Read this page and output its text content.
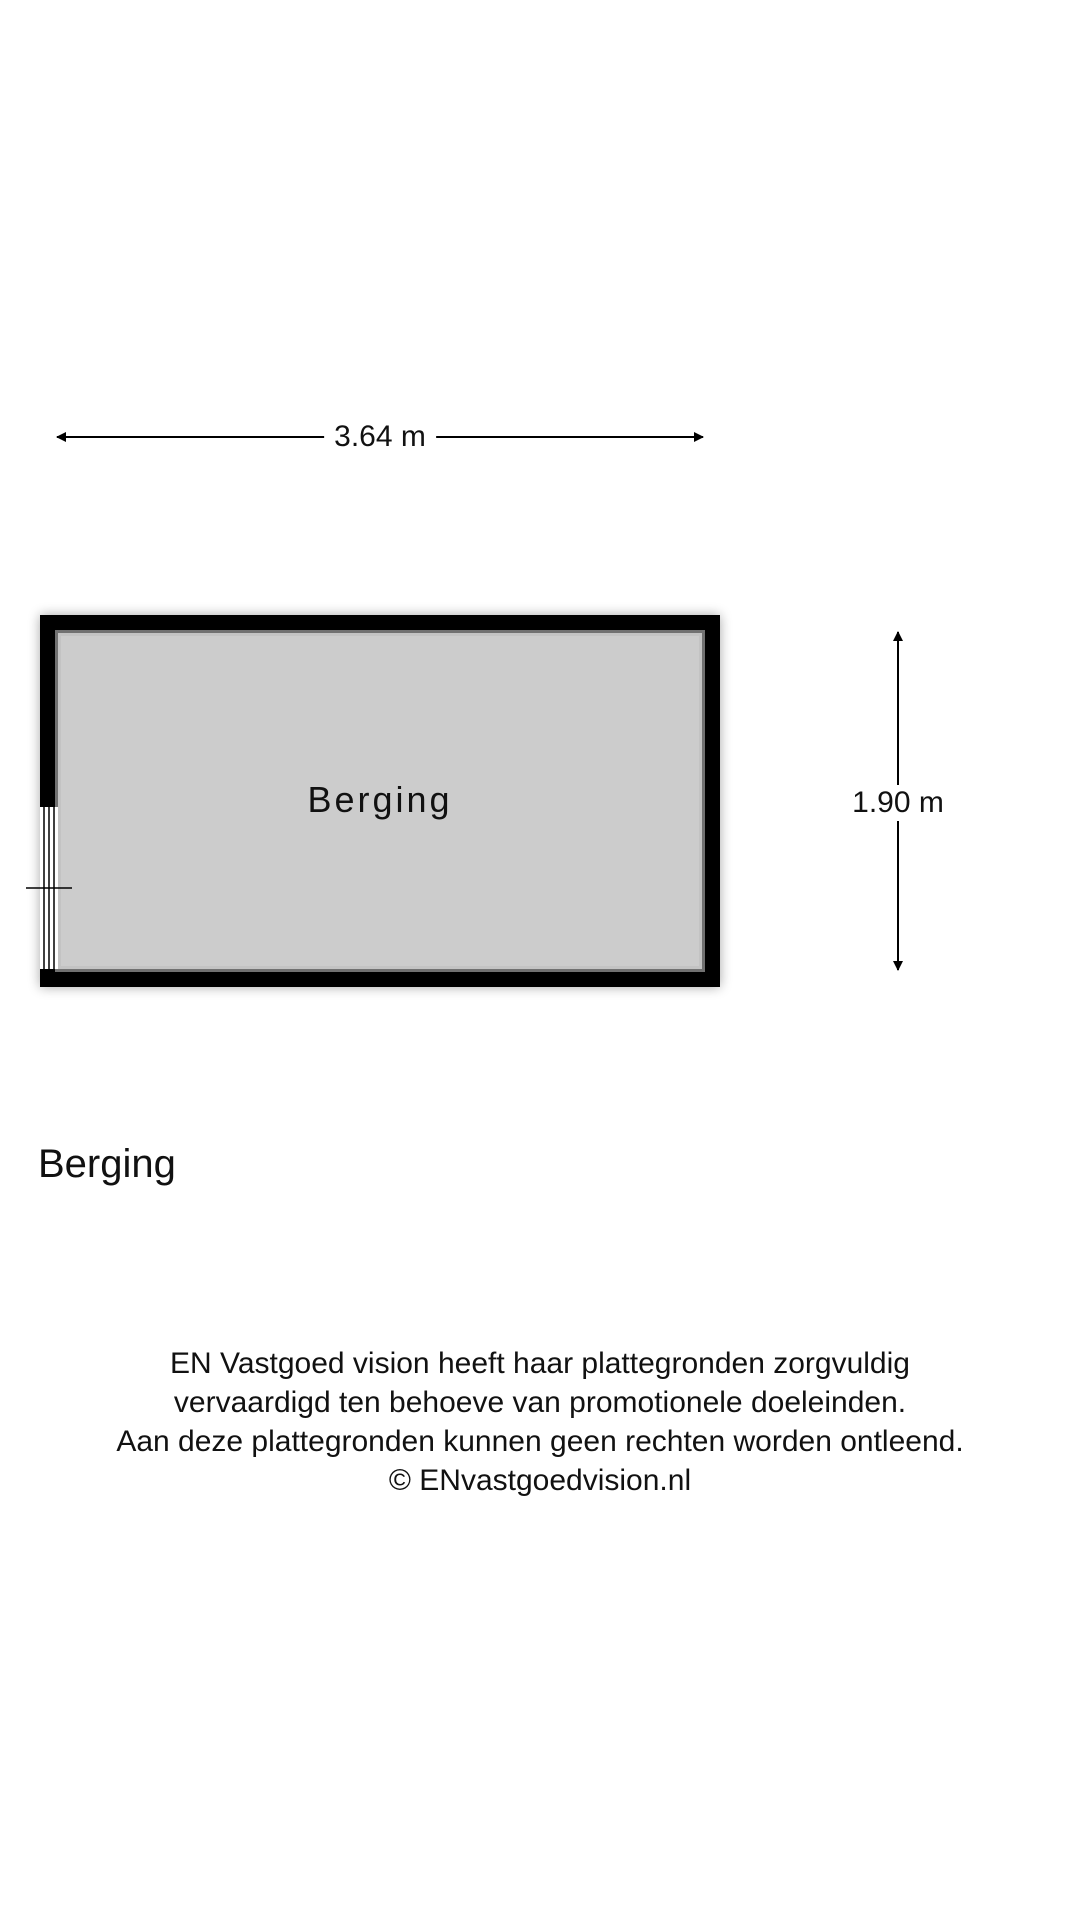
3.64 m
1.90 m
Berging
Berging
EN Vastgoed vision heeft haar plattegronden zorgvuldig
vervaardigd ten behoeve van promotionele doeleinden.
Aan deze plattegronden kunnen geen rechten worden ontleend.
© ENvastgoedvision.nl
